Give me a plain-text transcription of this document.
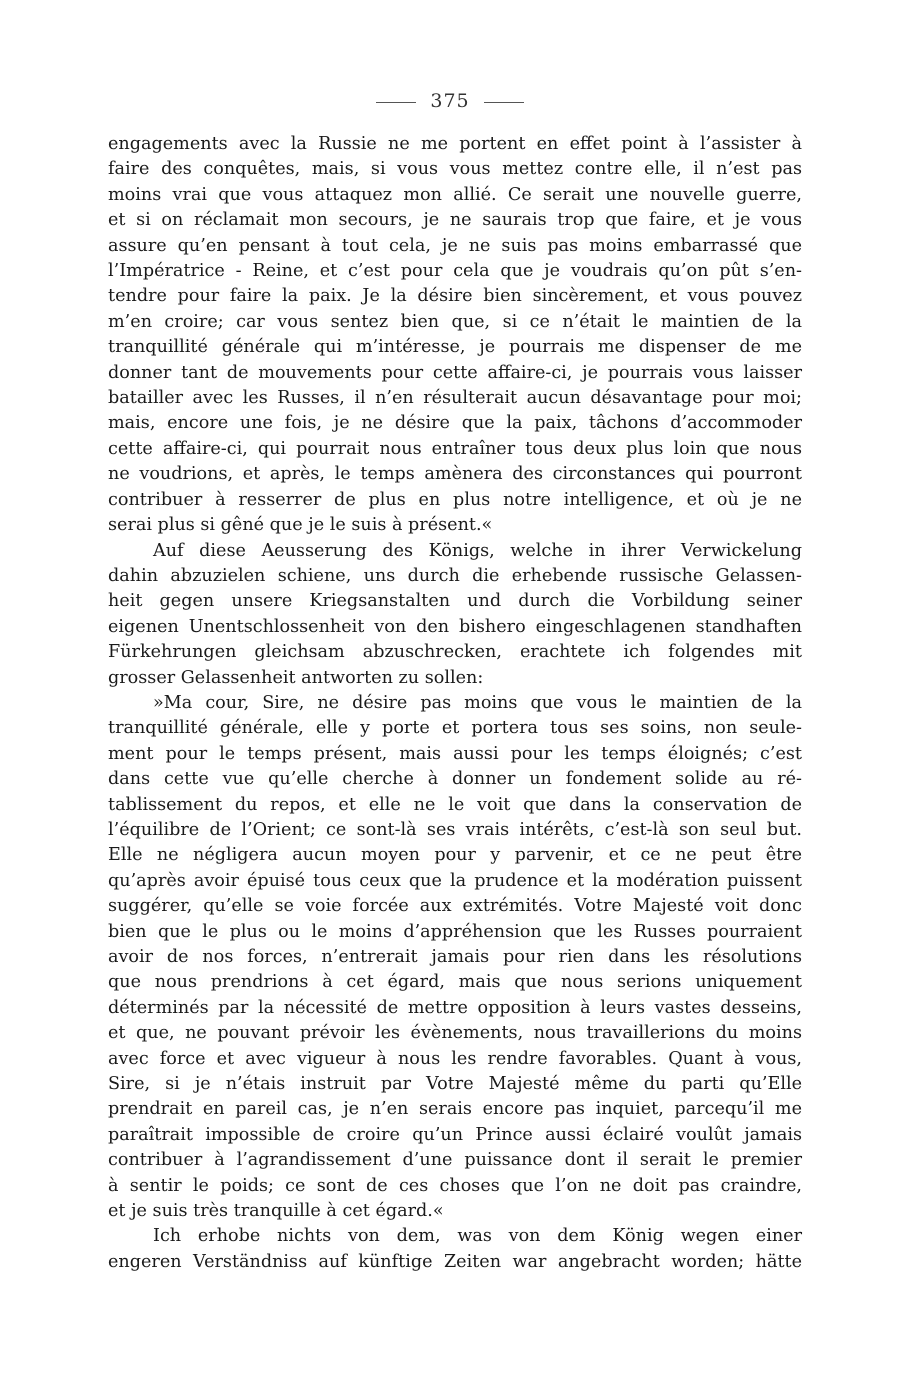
375
engagements avec la Russie ne me portent en effet point à l’assister à
faire des conquêtes, mais, si vous vous mettez contre elle, il n’est pas
moins vrai que vous attaquez mon allié. Ce serait une nouvelle guerre,
et si on réclamait mon secours, je ne saurais trop que faire, et je vous
assure qu’en pensant à tout cela, je ne suis pas moins embarrassé que
l’Impératrice - Reine, et c’est pour cela que je voudrais qu’on pût s’en-
tendre pour faire la paix. Je la désire bien sincèrement, et vous pouvez
m’en croire; car vous sentez bien que, si ce n’était le maintien de la
tranquillité générale qui m’intéresse, je pourrais me dispenser de me
donner tant de mouvements pour cette affaire-ci, je pourrais vous laisser
batailler avec les Russes, il n’en résulterait aucun désavantage pour moi;
mais, encore une fois, je ne désire que la paix, tâchons d’accommoder
cette affaire-ci, qui pourrait nous entraîner tous deux plus loin que nous
ne voudrions, et après, le temps amènera des circonstances qui pourront
contribuer à resserrer de plus en plus notre intelligence, et où je ne
serai plus si gêné que je le suis à présent.«
Auf diese Aeusserung des Königs, welche in ihrer Verwickelung
dahin abzuzielen schiene, uns durch die erhebende russische Gelassen-
heit gegen unsere Kriegsanstalten und durch die Vorbildung seiner
eigenen Unentschlossenheit von den bishero eingeschlagenen standhaften
Fürkehrungen gleichsam abzuschrecken, erachtete ich folgendes mit
grosser Gelassenheit antworten zu sollen:
»Ma cour, Sire, ne désire pas moins que vous le maintien de la
tranquillité générale, elle y porte et portera tous ses soins, non seule-
ment pour le temps présent, mais aussi pour les temps éloignés; c’est
dans cette vue qu’elle cherche à donner un fondement solide au ré-
tablissement du repos, et elle ne le voit que dans la conservation de
l’équilibre de l’Orient; ce sont-là ses vrais intérêts, c’est-là son seul but.
Elle ne négligera aucun moyen pour y parvenir, et ce ne peut être
qu’après avoir épuisé tous ceux que la prudence et la modération puissent
suggérer, qu’elle se voie forcée aux extrémités. Votre Majesté voit donc
bien que le plus ou le moins d’appréhension que les Russes pourraient
avoir de nos forces, n’entrerait jamais pour rien dans les résolutions
que nous prendrions à cet égard, mais que nous serions uniquement
déterminés par la nécessité de mettre opposition à leurs vastes desseins,
et que, ne pouvant prévoir les évènements, nous travaillerions du moins
avec force et avec vigueur à nous les rendre favorables. Quant à vous,
Sire, si je n’étais instruit par Votre Majesté même du parti qu’Elle
prendrait en pareil cas, je n’en serais encore pas inquiet, parcequ’il me
paraîtrait impossible de croire qu’un Prince aussi éclairé voulût jamais
contribuer à l’agrandissement d’une puissance dont il serait le premier
à sentir le poids; ce sont de ces choses que l’on ne doit pas craindre,
et je suis très tranquille à cet égard.«
Ich erhobe nichts von dem, was von dem König wegen einer
engeren Verständniss auf künftige Zeiten war angebracht worden; hätte
